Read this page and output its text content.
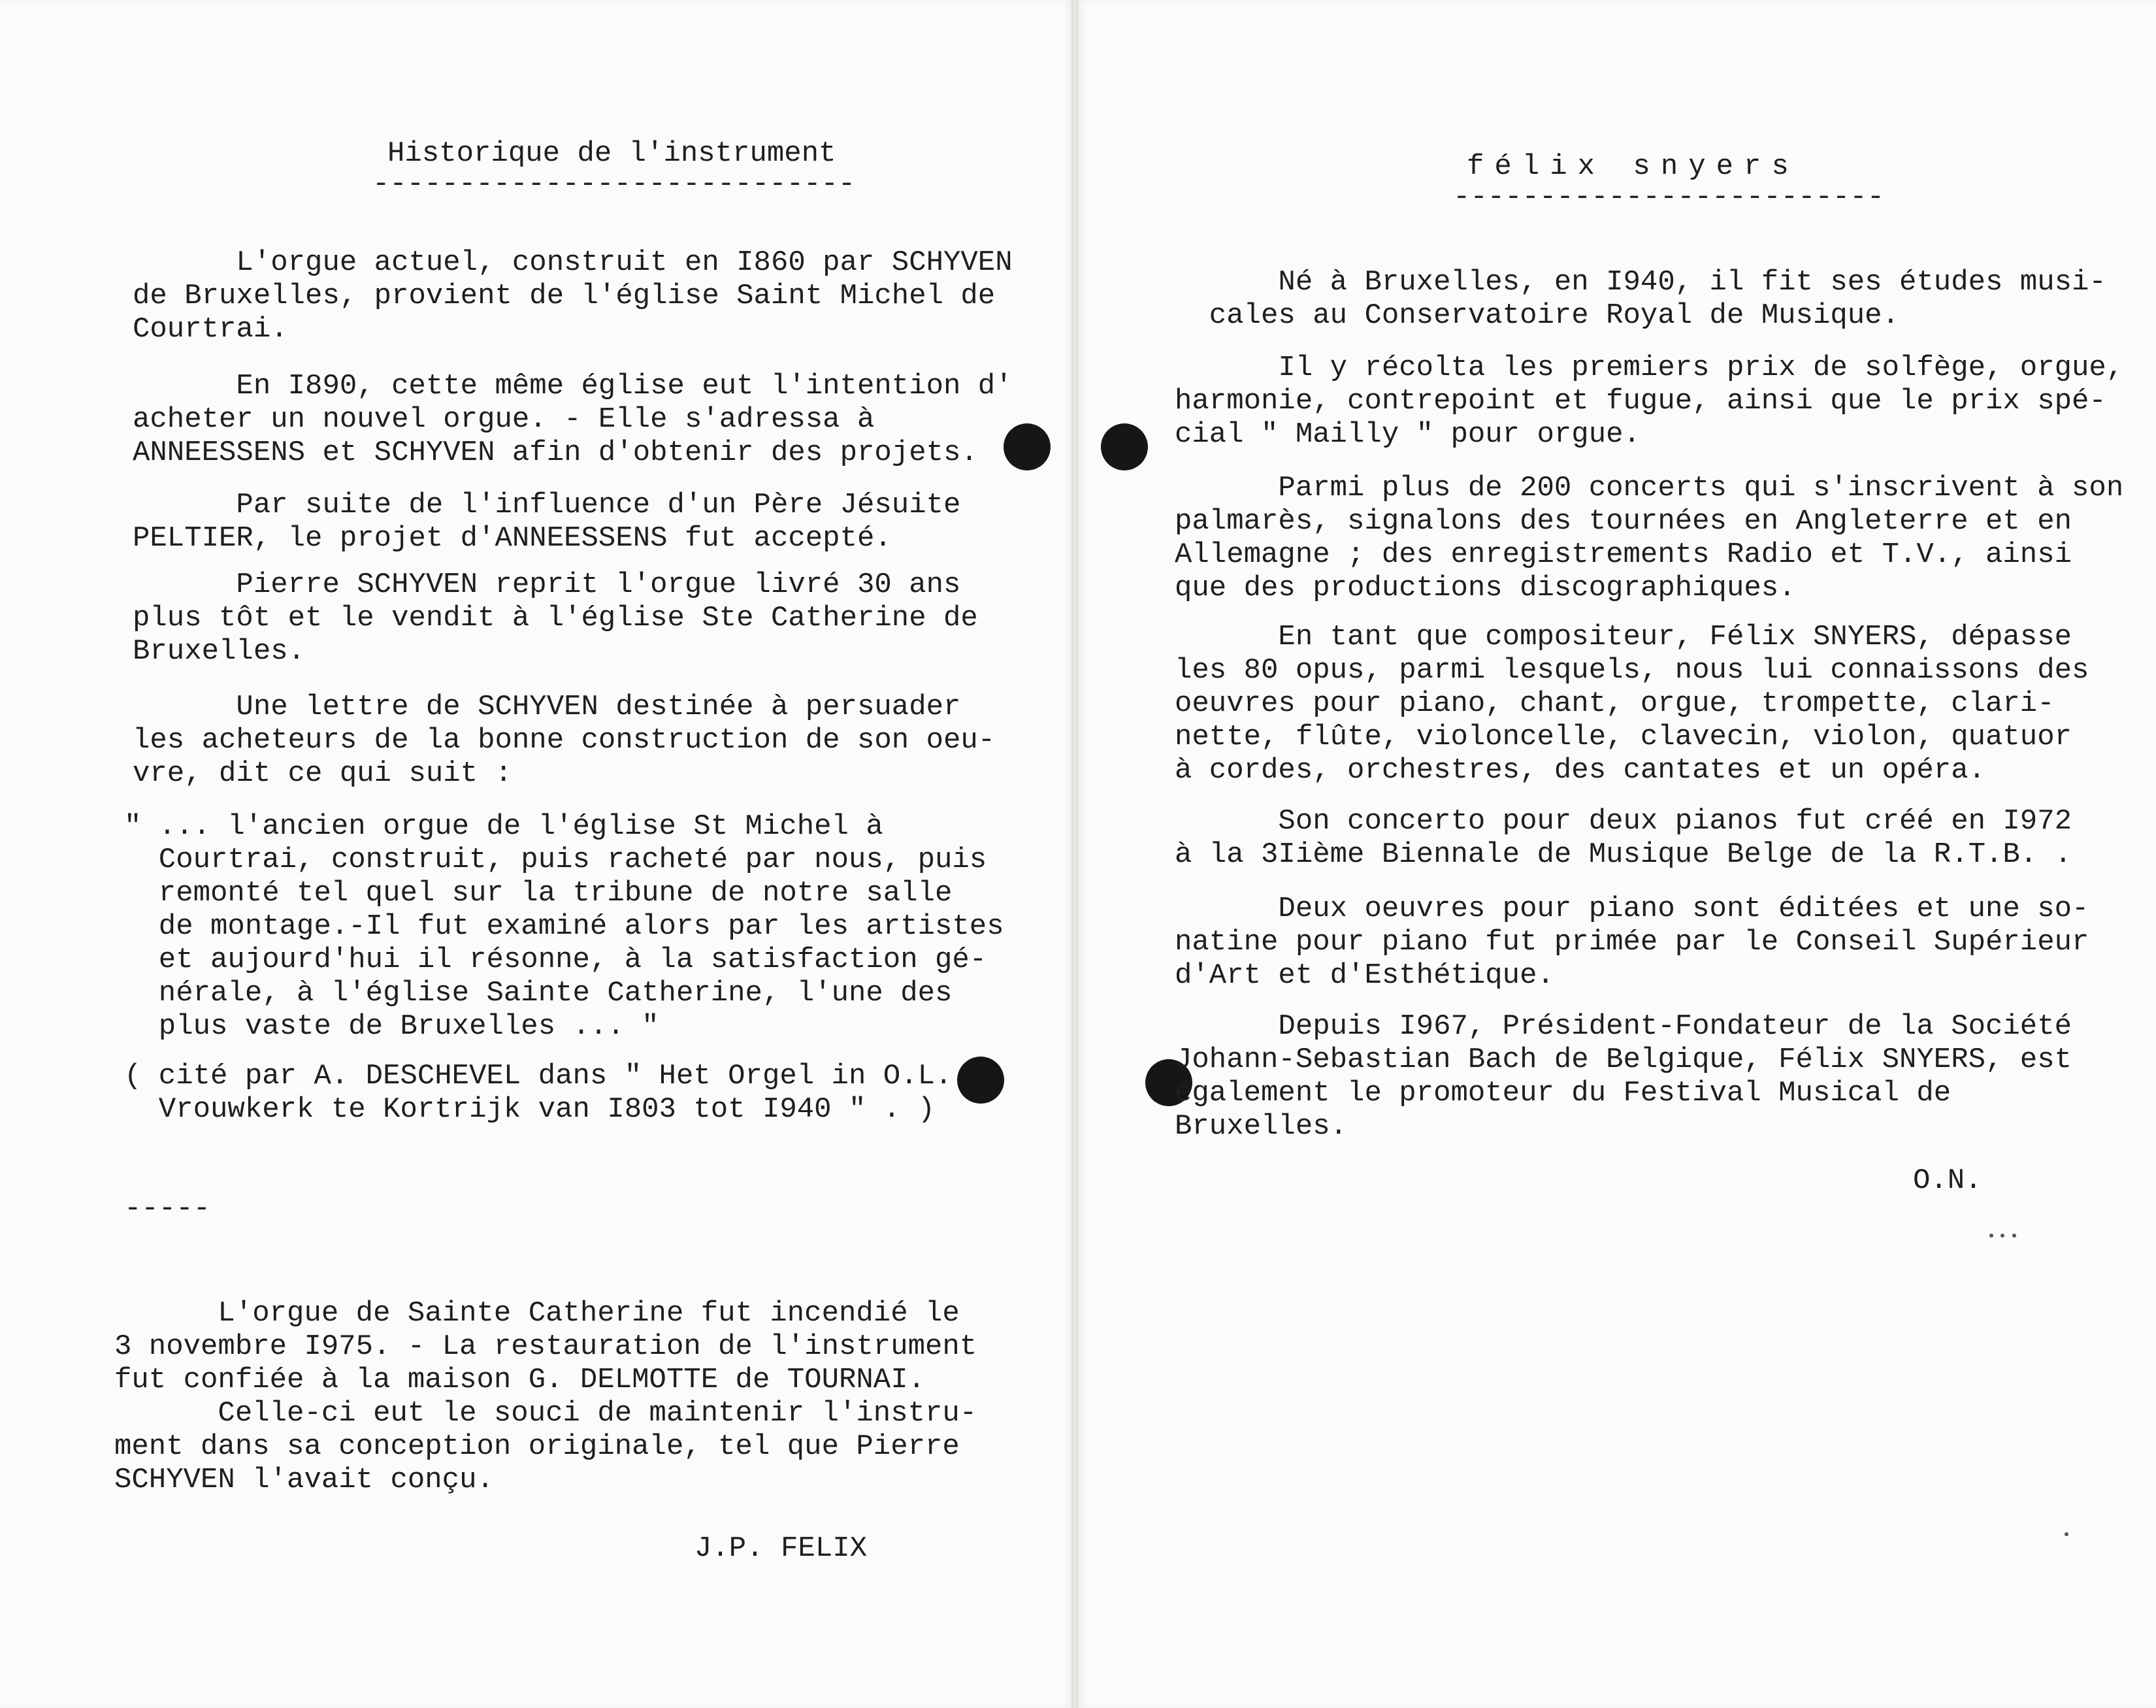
Historique de l'instrument
----------------------------
L'orgue actuel, construit en I860 par SCHYVEN
de Bruxelles, provient de l'église Saint Michel de
Courtrai.
En I890, cette même église eut l'intention d'
acheter un nouvel orgue. - Elle s'adressa à
ANNEESSENS et SCHYVEN afin d'obtenir des projets.
Par suite de l'influence d'un Père Jésuite
PELTIER, le projet d'ANNEESSENS fut accepté.
Pierre SCHYVEN reprit l'orgue livré 30 ans
plus tôt et le vendit à l'église Ste Catherine de
Bruxelles.
Une lettre de SCHYVEN destinée à persuader
les acheteurs de la bonne construction de son oeu-
vre, dit ce qui suit :
" ... l'ancien orgue de l'église St Michel à
Courtrai, construit, puis racheté par nous, puis
remonté tel quel sur la tribune de notre salle
de montage.-Il fut examiné alors par les artistes
et aujourd'hui il résonne, à la satisfaction gé-
nérale, à l'église Sainte Catherine, l'une des
plus vaste de Bruxelles ... "
( cité par A. DESCHEVEL dans " Het Orgel in O.L.
Vrouwkerk te Kortrijk van I803 tot I940 " . )
-----
L'orgue de Sainte Catherine fut incendié le
3 novembre I975. - La restauration de l'instrument
fut confiée à la maison G. DELMOTTE de TOURNAI.
Celle-ci eut le souci de maintenir l'instru-
ment dans sa conception originale, tel que Pierre
SCHYVEN l'avait conçu.
J.P. FELIX
félix snyers
-------------------------
Né à Bruxelles, en I940, il fit ses études musi-
cales au Conservatoire Royal de Musique.
Il y récolta les premiers prix de solfège, orgue,
harmonie, contrepoint et fugue, ainsi que le prix spé-
cial " Mailly " pour orgue.
Parmi plus de 200 concerts qui s'inscrivent à son
palmarès, signalons des tournées en Angleterre et en
Allemagne ; des enregistrements Radio et T.V., ainsi
que des productions discographiques.
En tant que compositeur, Félix SNYERS, dépasse
les 80 opus, parmi lesquels, nous lui connaissons des
oeuvres pour piano, chant, orgue, trompette, clari-
nette, flûte, violoncelle, clavecin, violon, quatuor
à cordes, orchestres, des cantates et un opéra.
Son concerto pour deux pianos fut créé en I972
à la 3Iième Biennale de Musique Belge de la R.T.B. .
Deux oeuvres pour piano sont éditées et une so-
natine pour piano fut primée par le Conseil Supérieur
d'Art et d'Esthétique.
Depuis I967, Président-Fondateur de la Société
Johann-Sebastian Bach de Belgique, Félix SNYERS, est
également le promoteur du Festival Musical de
Bruxelles.
O.N.
